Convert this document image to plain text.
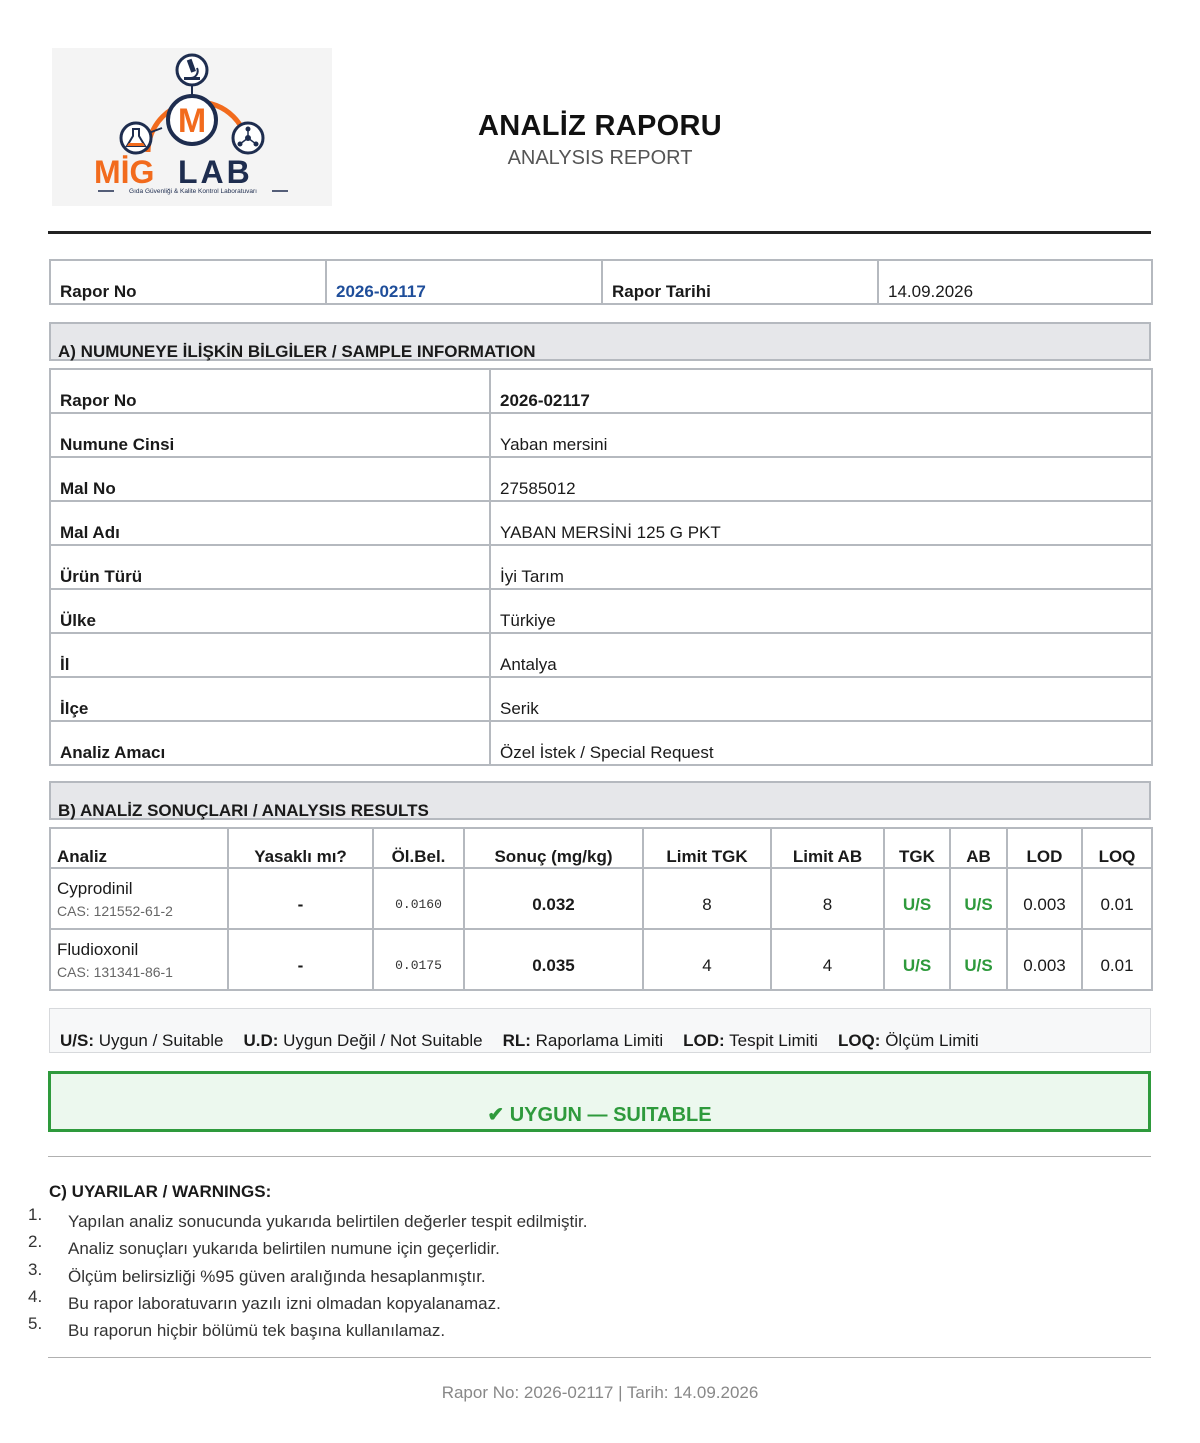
M
MİG LAB
Gıda Güvenliği & Kalite Kontrol Laboratuvarı
ANALİZ RAPORU
ANALYSIS REPORT
Rapor No	2026-02117	Rapor Tarihi	14.09.2026
A) NUMUNEYE İLİŞKİN BİLGİLER / SAMPLE INFORMATION
Rapor No	2026-02117
Numune Cinsi	Yaban mersini
Mal No	27585012
Mal Adı	YABAN MERSİNİ 125 G PKT
Ürün Türü	İyi Tarım
Ülke	Türkiye
İl	Antalya
İlçe	Serik
Analiz Amacı	Özel İstek / Special Request
B) ANALİZ SONUÇLARI / ANALYSIS RESULTS
Analiz	Yasaklı mı?	Öl.Bel.	Sonuç (mg/kg)	Limit TGK	Limit AB	TGK	AB	LOD	LOQ

Cyprodinil
CAS: 121552-61-2	-	0.0160	0.032	8	8	U/S	U/S	0.003	0.01

Fludioxonil
CAS: 131341-86-1	-	0.0175	0.035	4	4	U/S	U/S	0.003	0.01
U/S: Uygun / Suitable U.D: Uygun Değil / Not Suitable RL: Raporlama Limiti LOD: Tespit Limiti LOQ: Ölçüm Limiti
✔ UYGUN — SUITABLE
C) UYARILAR / WARNINGS:
1. Yapılan analiz sonucunda yukarıda belirtilen değerler tespit edilmiştir.
2. Analiz sonuçları yukarıda belirtilen numune için geçerlidir.
3. Ölçüm belirsizliği %95 güven aralığında hesaplanmıştır.
4. Bu rapor laboratuvarın yazılı izni olmadan kopyalanamaz.
5. Bu raporun hiçbir bölümü tek başına kullanılamaz.
Rapor No: 2026-02117 | Tarih: 14.09.2026
